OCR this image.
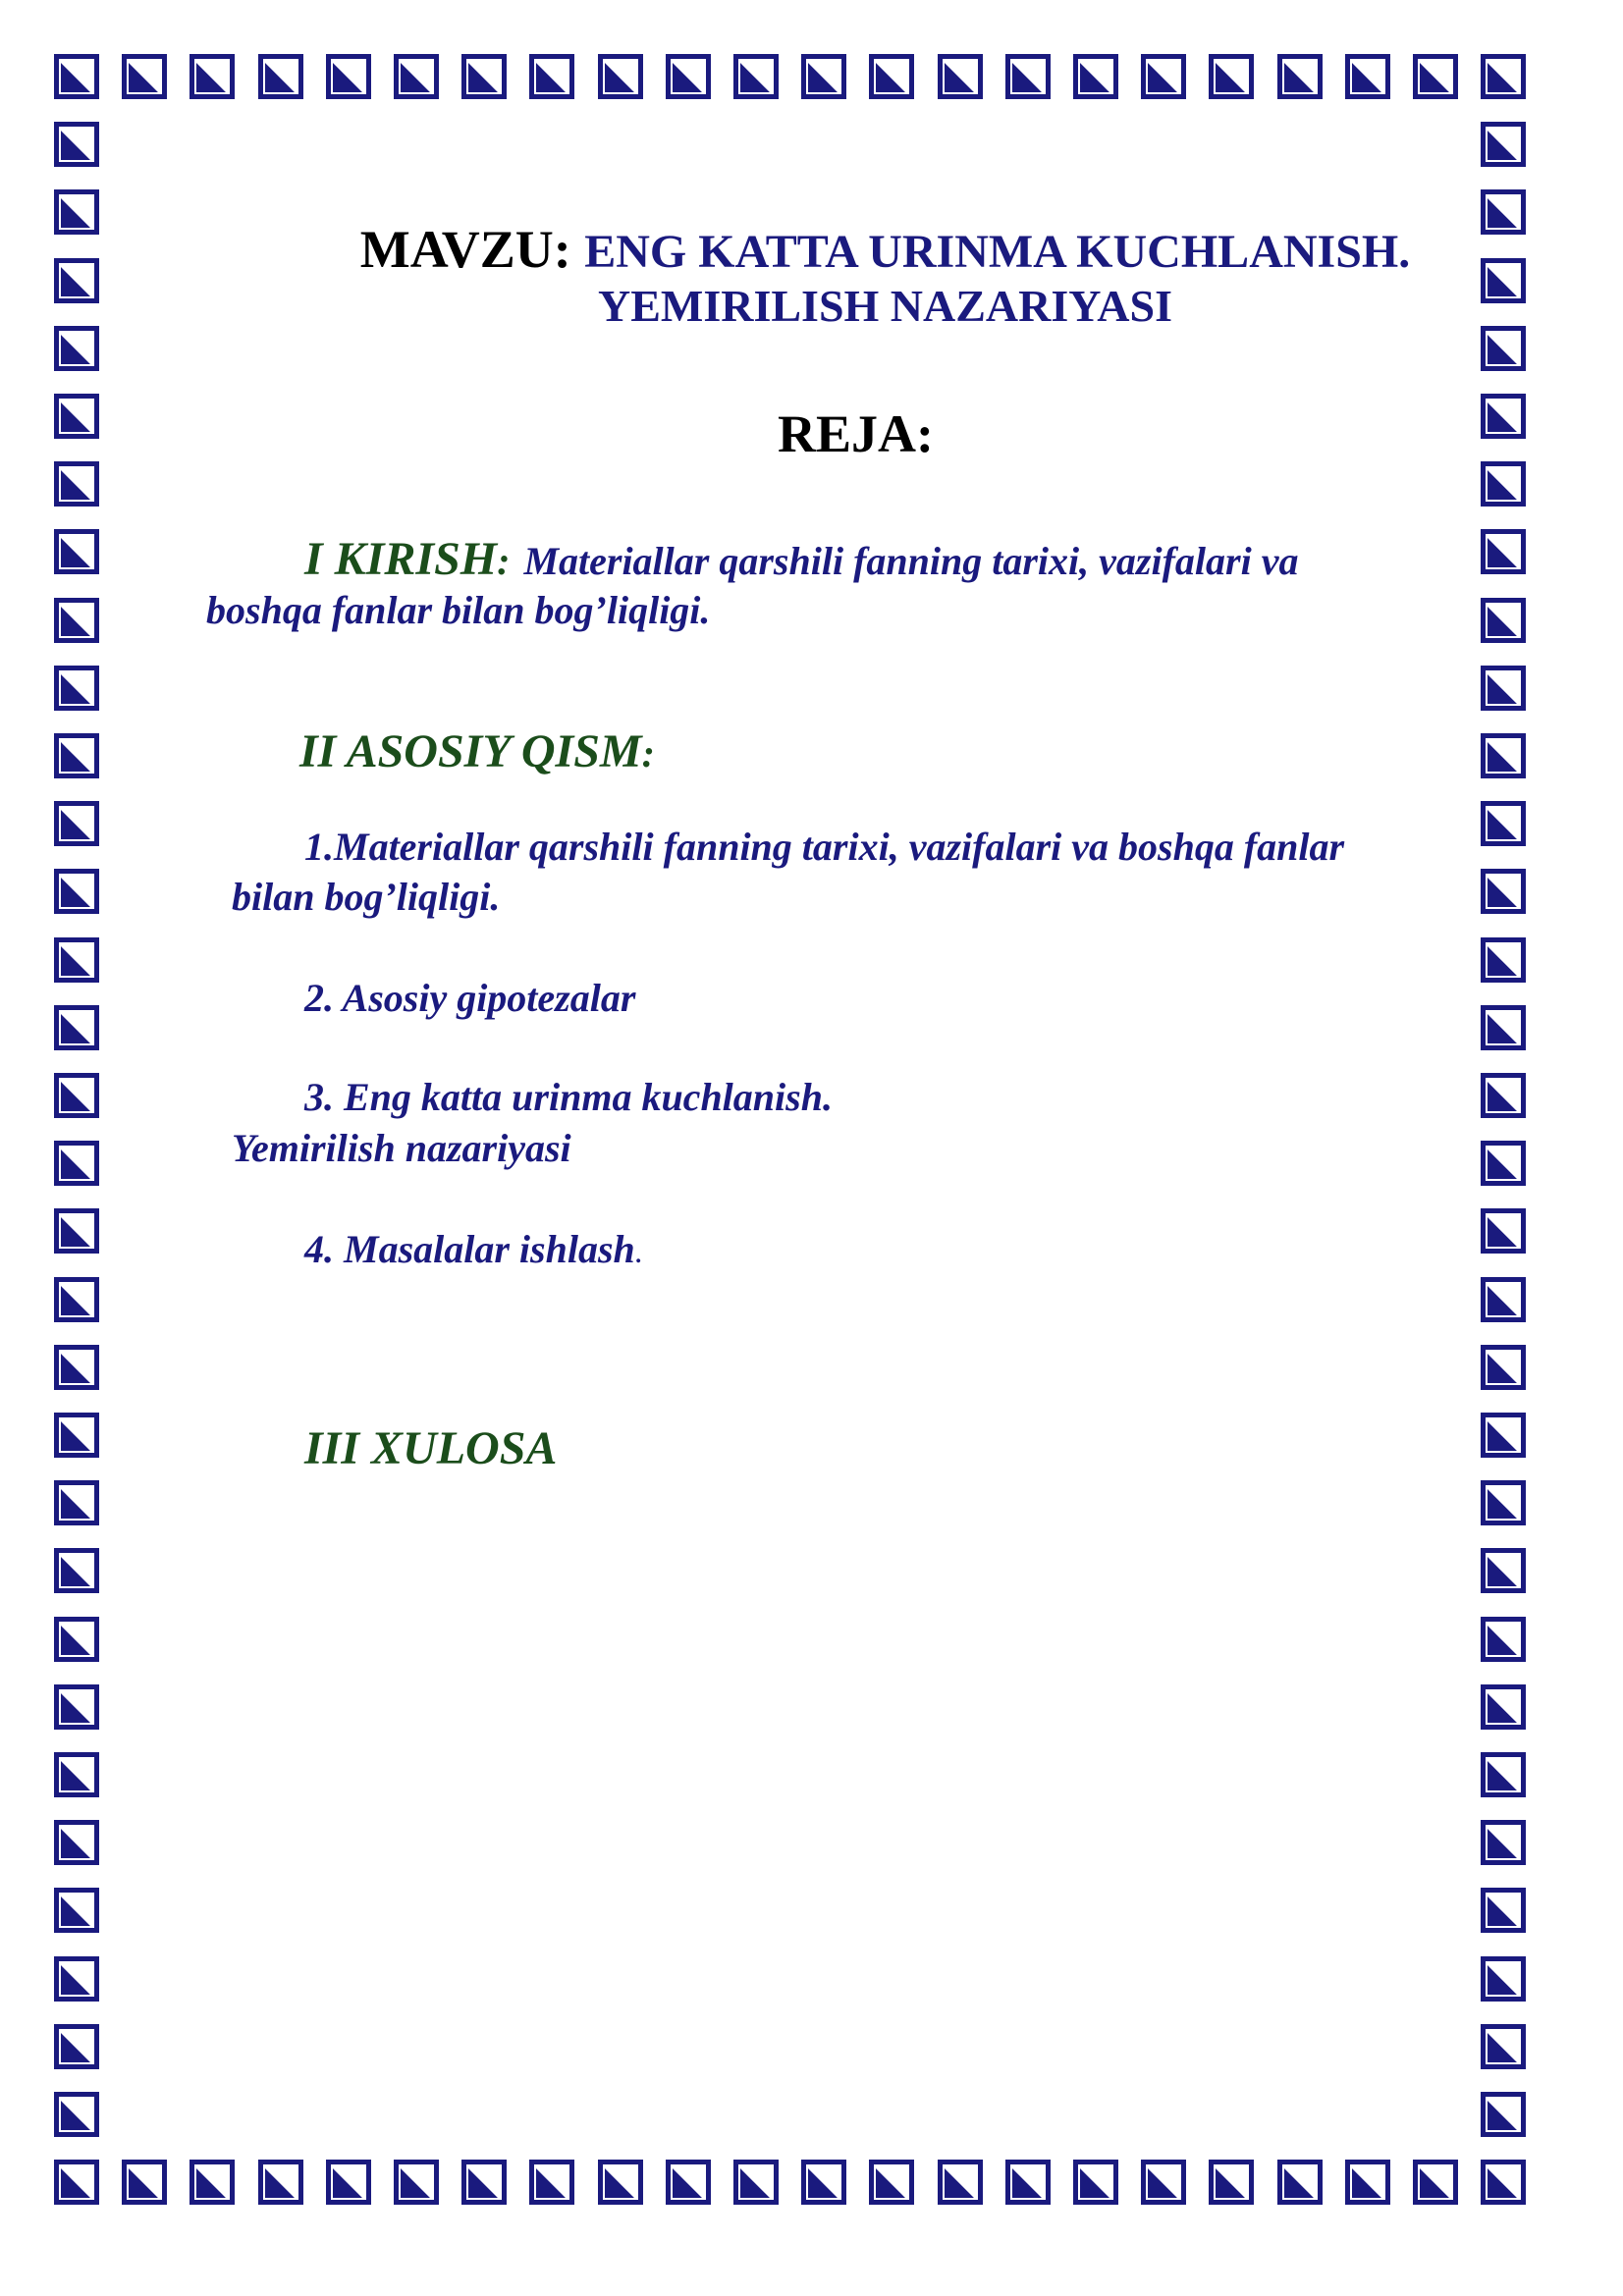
MAVZU: ENG KATTA URINMA KUCHLANISH.
YEMIRILISH NAZARIYASI
REJA:
I KIRISH: Materiallar qarshili fanning tarixi, vazifalari va
boshqa fanlar bilan bog’liqligi.
II ASOSIY QISM:
1.Materiallar qarshili fanning tarixi, vazifalari va boshqa fanlar
bilan bog’liqligi.
2. Asosiy gipotezalar
3. Eng katta urinma kuchlanish.
Yemirilish nazariyasi
4. Masalalar ishlash.
III XULOSA
